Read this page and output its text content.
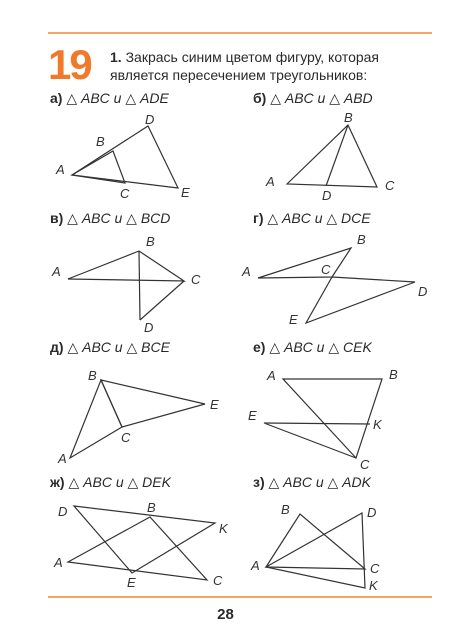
19 1. Закрась синим цветом фигуру, которая является пересечением треугольников:
а) △ ABC и △ ADE	б) △ ABC и △ ABD
в) △ ABC и △ BCD	г) △ ABC и △ DCE
д) △ ABC и △ BCE	е) △ ABC и △ CEK
ж) △ ABC и △ DEK	з) △ ABC и △ ADK
A
B
C
D
E
A
B
C
D
A
B
C
D
A
B
C
D
E
A
B
C
E
A	B
C
E
K
A
B
C
D
E
K
A
B
C
D
K
28
